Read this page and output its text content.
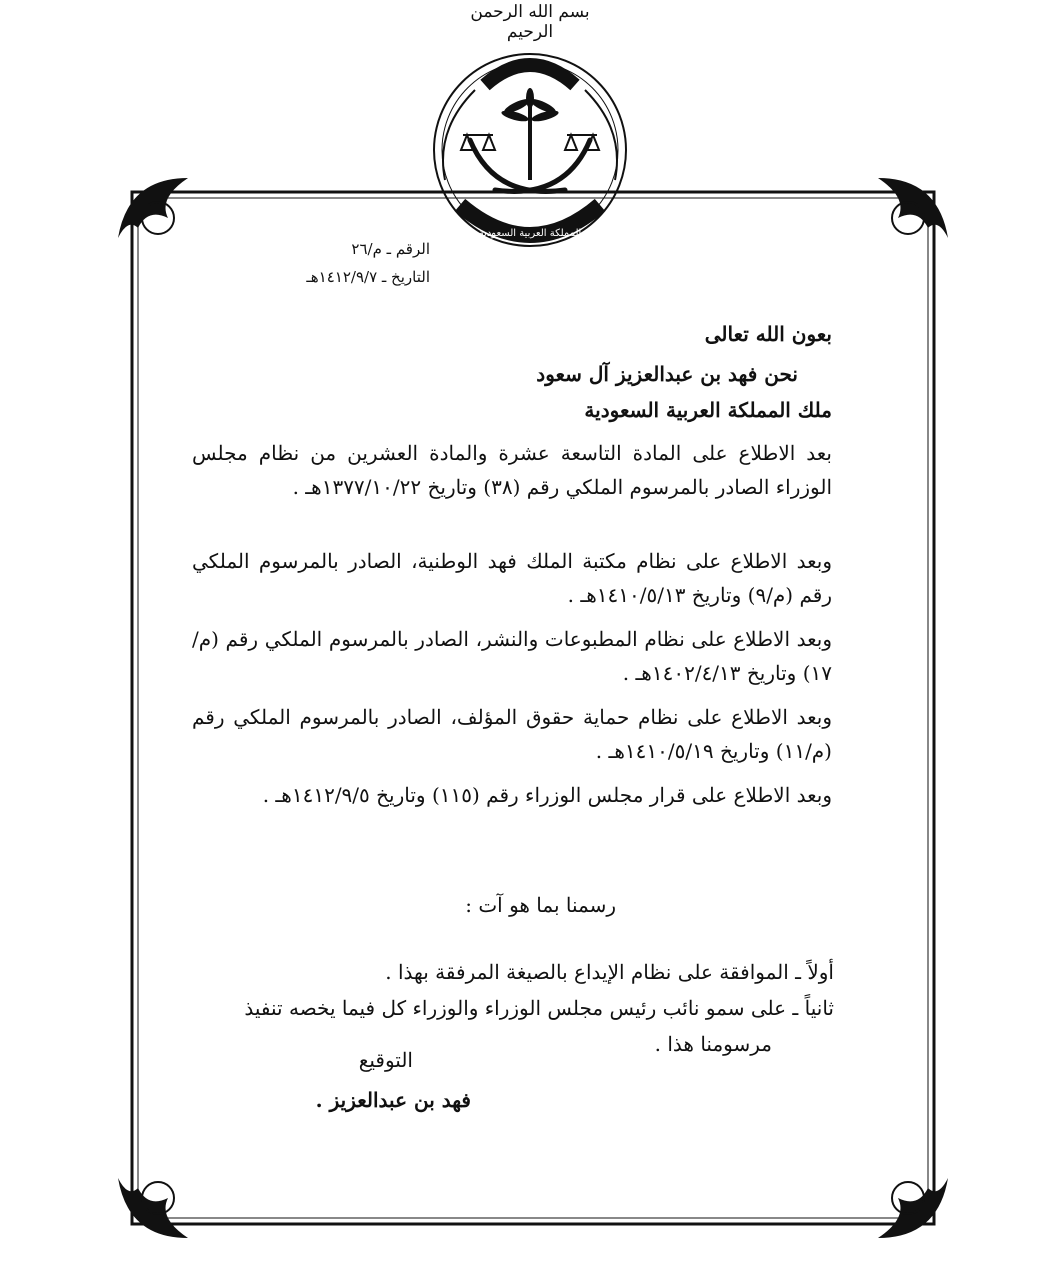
بسم الله الرحمن الرحيم
المملكة العربية السعودية
الرقم ـ م/٢٦
التاريخ ـ ١٤١٢/٩/٧هـ
بعون الله تعالى
نحن فهد بن عبدالعزيز آل سعود
ملك المملكة العربية السعودية
بعد الاطلاع على المادة التاسعة عشرة والمادة العشرين من نظام مجلس الوزراء الصادر بالمرسوم الملكي رقم (٣٨) وتاريخ ١٣٧٧/١٠/٢٢هـ .
وبعد الاطلاع على نظام مكتبة الملك فهد الوطنية، الصادر بالمرسوم الملكي رقم (م/٩) وتاريخ ١٤١٠/٥/١٣هـ .
وبعد الاطلاع على نظام المطبوعات والنشر، الصادر بالمرسوم الملكي رقم (م/١٧) وتاريخ ١٤٠٢/٤/١٣هـ .
وبعد الاطلاع على نظام حماية حقوق المؤلف، الصادر بالمرسوم الملكي رقم (م/١١) وتاريخ ١٤١٠/٥/١٩هـ .
وبعد الاطلاع على قرار مجلس الوزراء رقم (١١٥) وتاريخ ١٤١٢/٩/٥هـ .
رسمنا بما هو آت :
أولاً ـ الموافقة على نظام الإيداع بالصيغة المرفقة بهذا .
ثانياً ـ على سمو نائب رئيس مجلس الوزراء والوزراء كل فيما يخصه تنفيذ
مرسومنا هذا .
التوقيع
فهد بن عبدالعزيز .
